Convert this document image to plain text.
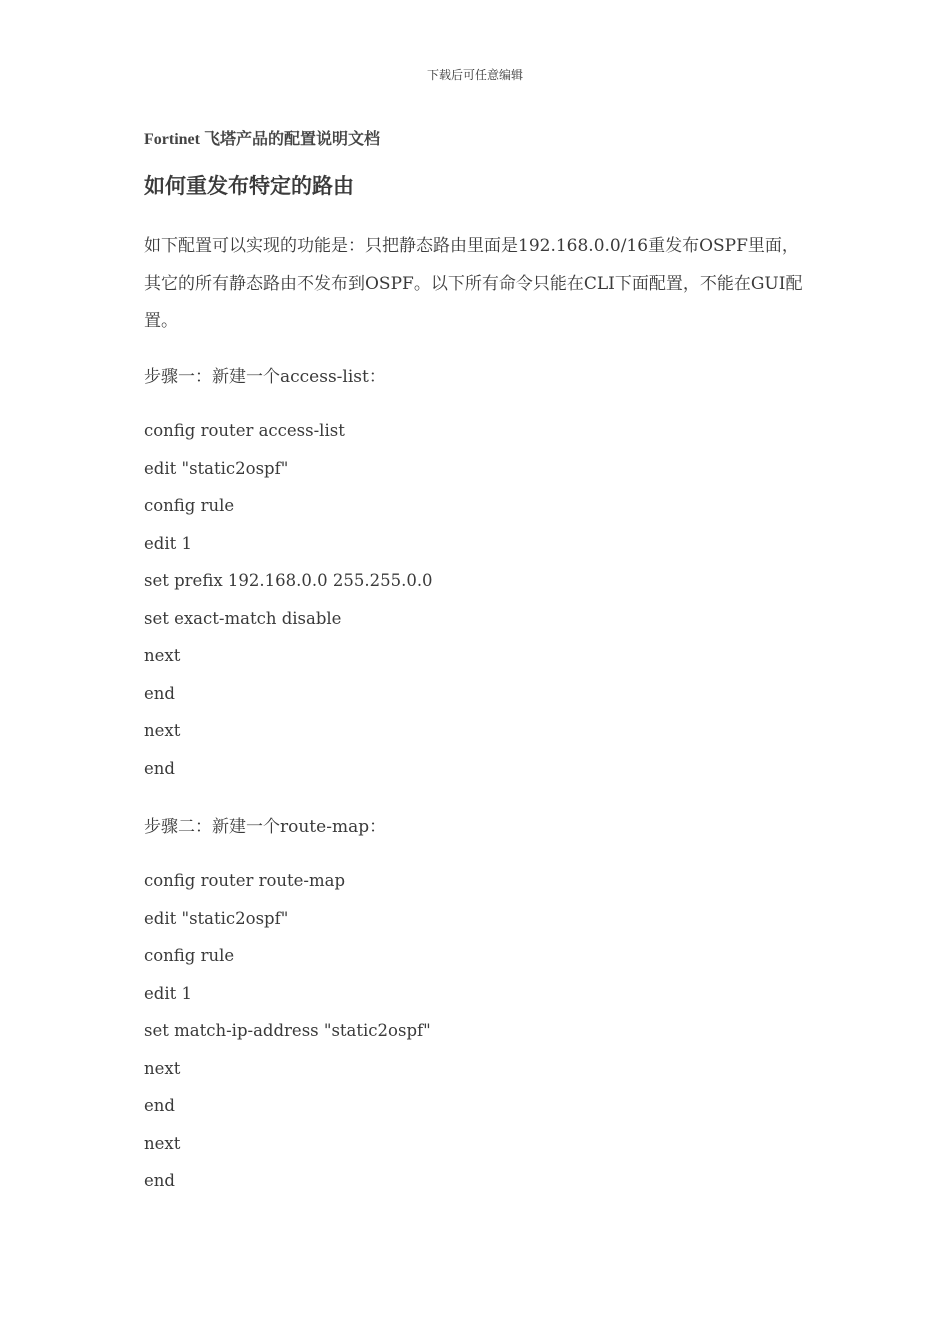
下载后可任意编辑
Fortinet 飞塔产品的配置说明文档
如何重发布特定的路由
如下配置可以实现的功能是：只把静态路由里面是192.168.0.0/16重发布OSPF里面，其它的所有静态路由不发布到OSPF。以下所有命令只能在CLI下面配置，不能在GUI配置。
步骤一：新建一个access-list：
config router access-list
edit "static2ospf"
config rule
edit 1
set prefix 192.168.0.0 255.255.0.0
set exact-match disable
next
end
next
end
步骤二：新建一个route-map：
config router route-map
edit "static2ospf"
config rule
edit 1
set match-ip-address "static2ospf"
next
end
next
end
